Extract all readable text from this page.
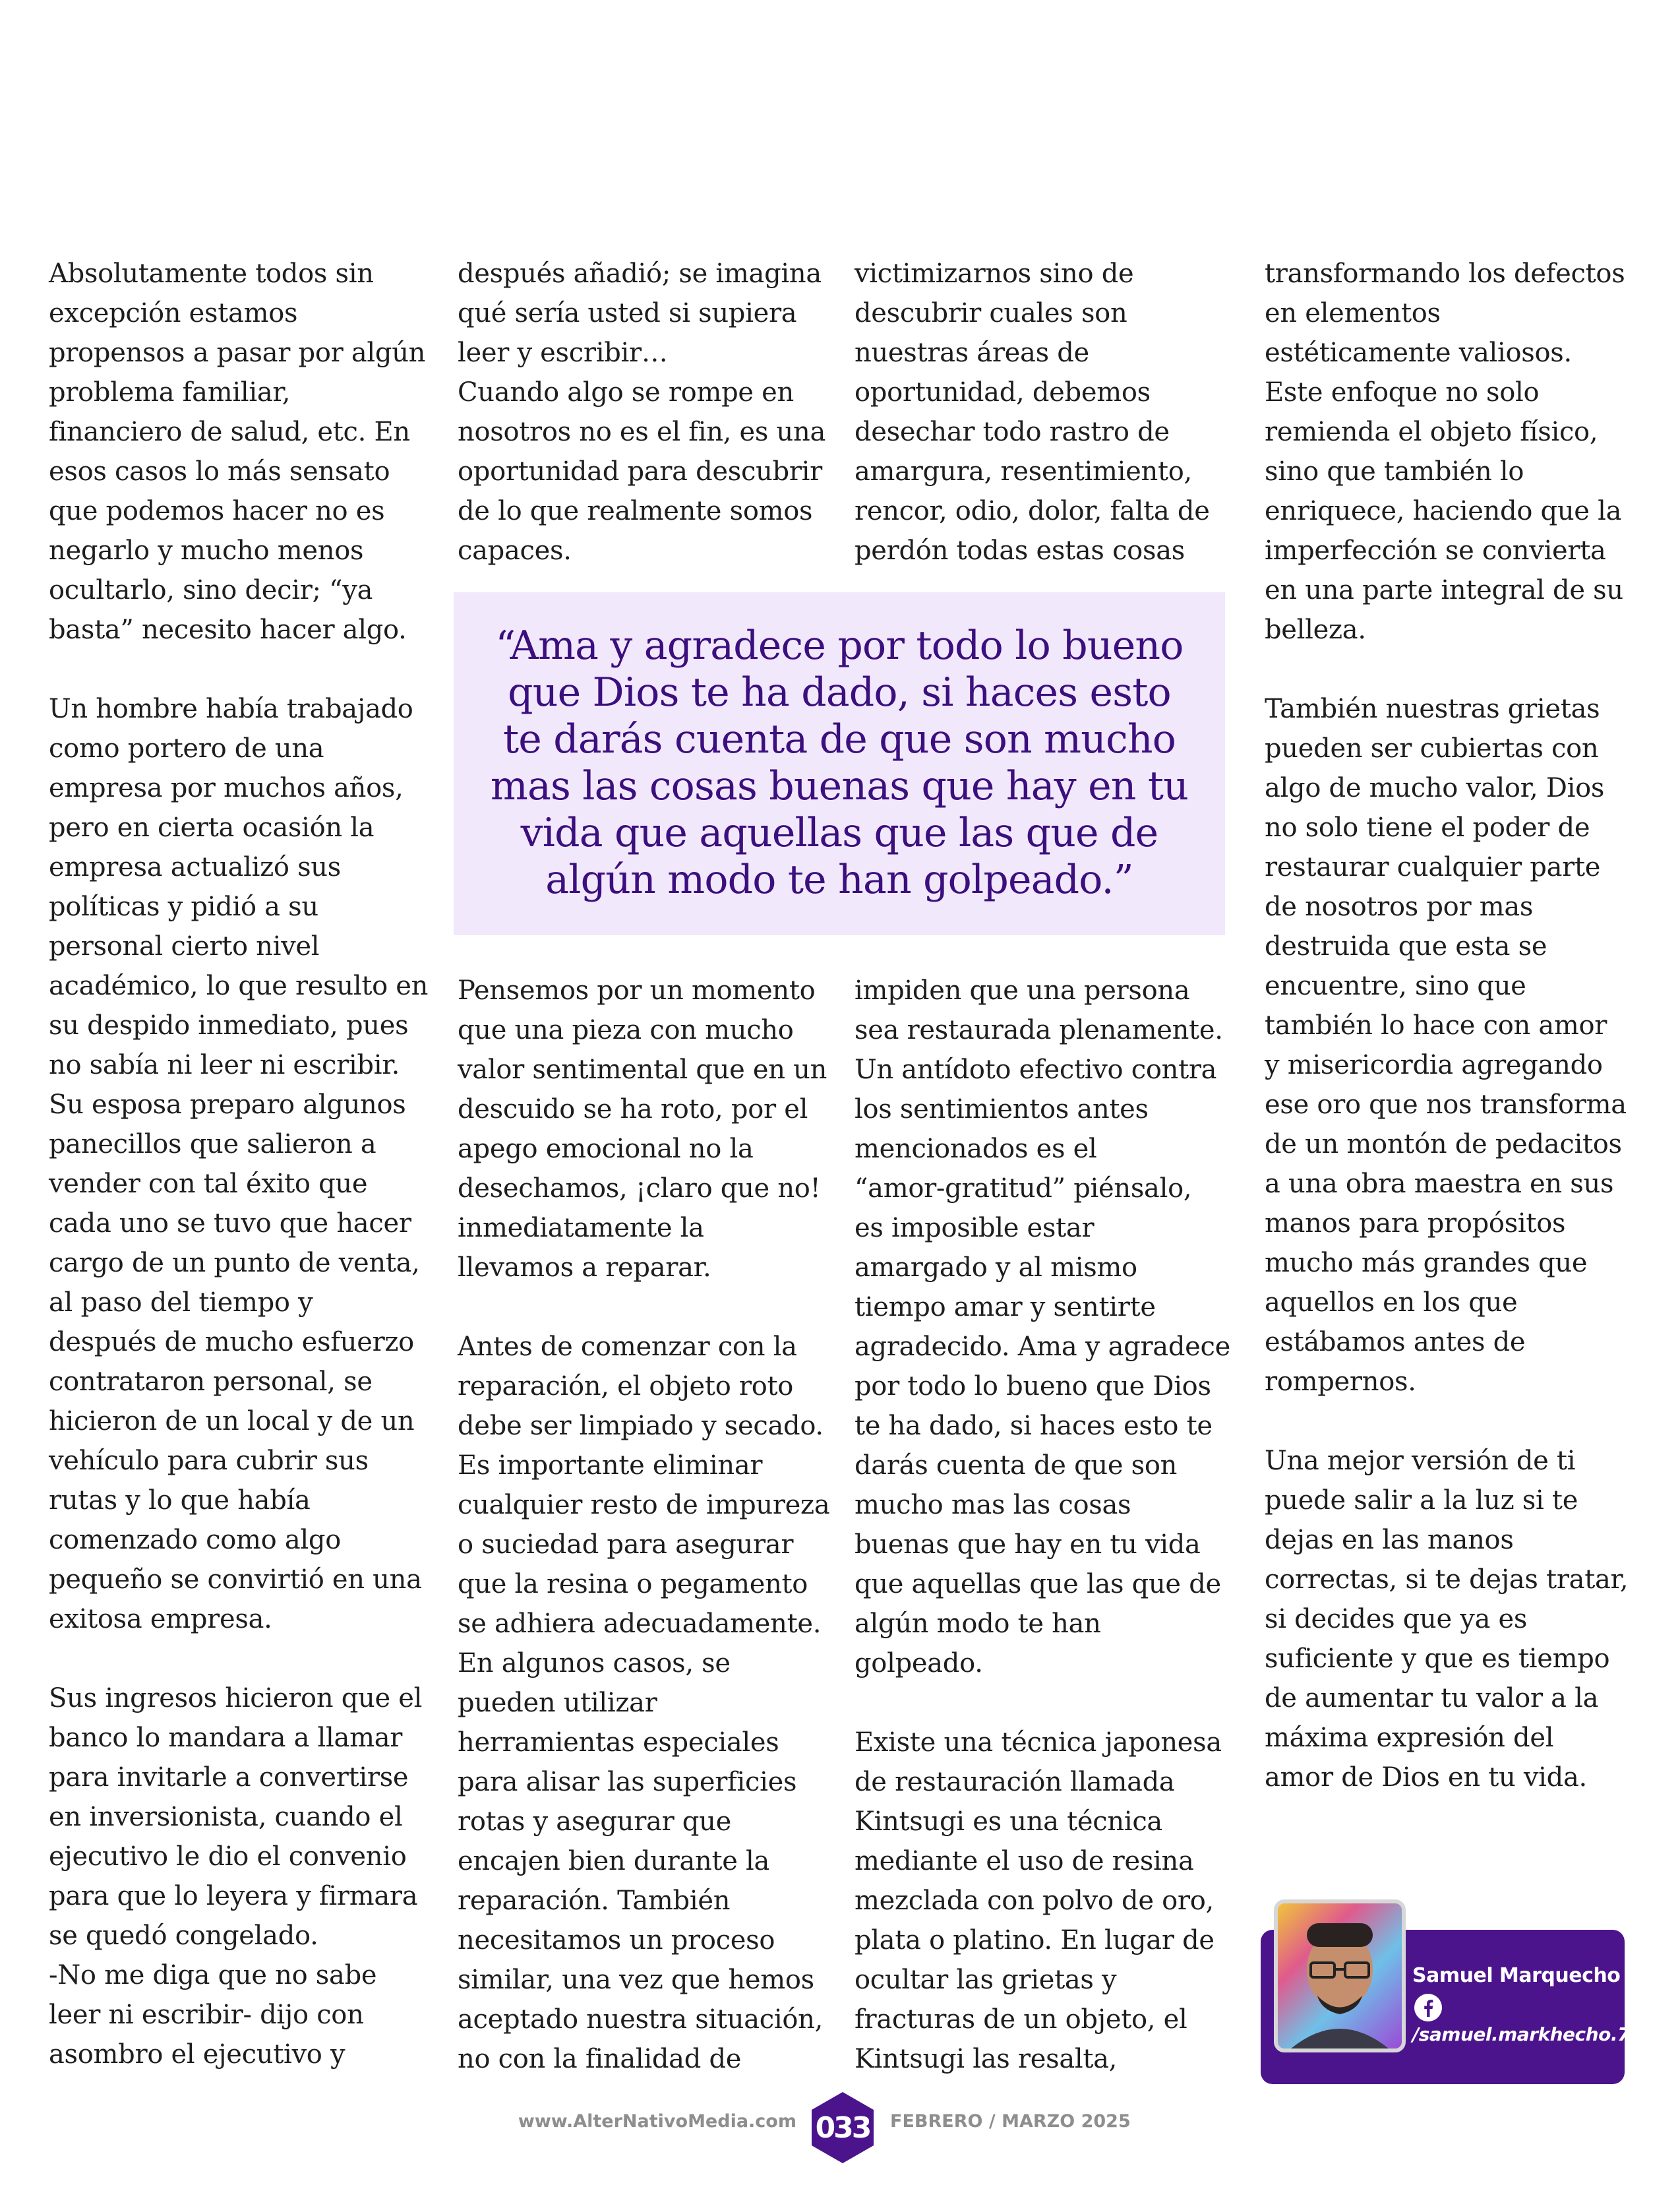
Absolutamente todos sin
excepción estamos
propensos a pasar por algún
problema familiar,
financiero de salud, etc. En
esos casos lo más sensato
que podemos hacer no es
negarlo y mucho menos
ocultarlo, sino decir; “ya
basta” necesito hacer algo.

Un hombre había trabajado
como portero de una
empresa por muchos años,
pero en cierta ocasión la
empresa actualizó sus
políticas y pidió a su
personal cierto nivel
académico, lo que resulto en
su despido inmediato, pues
no sabía ni leer ni escribir.
Su esposa preparo algunos
panecillos que salieron a
vender con tal éxito que
cada uno se tuvo que hacer
cargo de un punto de venta,
al paso del tiempo y
después de mucho esfuerzo
contrataron personal, se
hicieron de un local y de un
vehículo para cubrir sus
rutas y lo que había
comenzado como algo
pequeño se convirtió en una
exitosa empresa.

Sus ingresos hicieron que el
banco lo mandara a llamar
para invitarle a convertirse
en inversionista, cuando el
ejecutivo le dio el convenio
para que lo leyera y firmara
se quedó congelado.
-No me diga que no sabe
leer ni escribir- dijo con
asombro el ejecutivo y

después añadió; se imagina
qué sería usted si supiera
leer y escribir…
Cuando algo se rompe en
nosotros no es el fin, es una
oportunidad para descubrir
de lo que realmente somos
capaces.

victimizarnos sino de
descubrir cuales son
nuestras áreas de
oportunidad, debemos
desechar todo rastro de
amargura, resentimiento,
rencor, odio, dolor, falta de
perdón todas estas cosas

“Ama y agradece por todo lo bueno
que Dios te ha dado, si haces esto
te darás cuenta de que son mucho
mas las cosas buenas que hay en tu
vida que aquellas que las que de
algún modo te han golpeado.”

Pensemos por un momento
que una pieza con mucho
valor sentimental que en un
descuido se ha roto, por el
apego emocional no la
desechamos, ¡claro que no!
inmediatamente la
llevamos a reparar.

Antes de comenzar con la
reparación, el objeto roto
debe ser limpiado y secado.
Es importante eliminar
cualquier resto de impureza
o suciedad para asegurar
que la resina o pegamento
se adhiera adecuadamente.
En algunos casos, se
pueden utilizar
herramientas especiales
para alisar las superficies
rotas y asegurar que
encajen bien durante la
reparación. También
necesitamos un proceso
similar, una vez que hemos
aceptado nuestra situación,
no con la finalidad de

impiden que una persona
sea restaurada plenamente.
Un antídoto efectivo contra
los sentimientos antes
mencionados es el
“amor-gratitud” piénsalo,
es imposible estar
amargado y al mismo
tiempo amar y sentirte
agradecido. Ama y agradece
por todo lo bueno que Dios
te ha dado, si haces esto te
darás cuenta de que son
mucho mas las cosas
buenas que hay en tu vida
que aquellas que las que de
algún modo te han
golpeado.

Existe una técnica japonesa
de restauración llamada
Kintsugi es una técnica
mediante el uso de resina
mezclada con polvo de oro,
plata o platino. En lugar de
ocultar las grietas y
fracturas de un objeto, el
Kintsugi las resalta,

transformando los defectos
en elementos
estéticamente valiosos.
Este enfoque no solo
remienda el objeto físico,
sino que también lo
enriquece, haciendo que la
imperfección se convierta
en una parte integral de su
belleza.

También nuestras grietas
pueden ser cubiertas con
algo de mucho valor, Dios
no solo tiene el poder de
restaurar cualquier parte
de nosotros por mas
destruida que esta se
encuentre, sino que
también lo hace con amor
y misericordia agregando
ese oro que nos transforma
de un montón de pedacitos
a una obra maestra en sus
manos para propósitos
mucho más grandes que
aquellos en los que
estábamos antes de
rompernos.

Una mejor versión de ti
puede salir a la luz si te
dejas en las manos
correctas, si te dejas tratar,
si decides que ya es
suficiente y que es tiempo
de aumentar tu valor a la
máxima expresión del
amor de Dios en tu vida.

Samuel Marquecho
/samuel.markhecho.77
www.AlterNativoMedia.com 033	FEBRERO / MARZO 2025
